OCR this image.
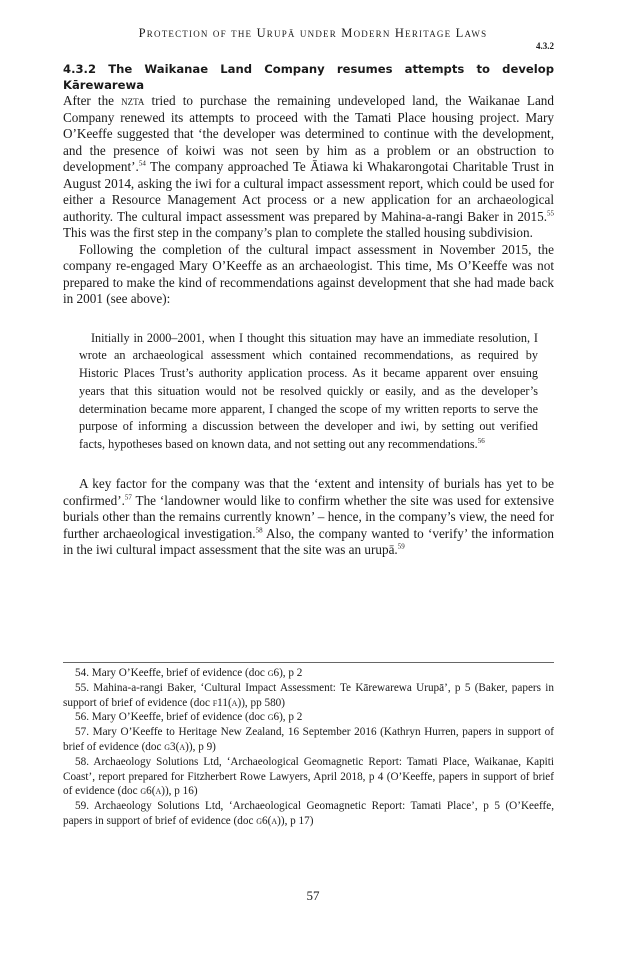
Protection of the Urupā under Modern Heritage Laws
4.3.2
4.3.2 The Waikanae Land Company resumes attempts to develop Kārewarewa

After the nzta tried to purchase the remaining undeveloped land, the Waikanae Land Company renewed its attempts to proceed with the Tamati Place housing project. Mary O’Keeffe suggested that ‘the developer was determined to continue with the development, and the presence of koiwi was not seen by him as a problem or an obstruction to development’.$^{54}$ The company approached Te Ātiawa ki Whakarongotai Charitable Trust in August 2014, asking the iwi for a cultural impact assessment report, which could be used for either a Resource Management Act process or a new application for an archaeological authority. The cultural impact assessment was prepared by Mahina-a-rangi Baker in 2015.55 This was the first step in the company’s plan to complete the stalled housing subdivision.

Following the completion of the cultural impact assessment in November 2015, the company re-engaged Mary O’Keeffe as an archaeologist. This time, Ms O’Keeffe was not prepared to make the kind of recommendations against development that she had made back in 2001 (see above):

Initially in 2000–2001, when I thought this situation may have an immediate resolution, I wrote an archaeological assessment which contained recommendations, as required by Historic Places Trust’s authority application process. As it became apparent over ensuing years that this situation would not be resolved quickly or easily, and as the developer’s determination became more apparent, I changed the scope of my written reports to serve the purpose of informing a discussion between the developer and iwi, by setting out verified facts, hypotheses based on known data, and not setting out any recommendations.$^{56}$

A key factor for the company was that the ‘extent and intensity of burials has yet to be confirmed’.$^{57}$ The ‘landowner would like to confirm whether the site was used for extensive burials other than the remains currently known’ – hence, in the company’s view, the need for further archaeological investigation.$^{58}$ Also, the company wanted to ‘verify’ the information in the iwi cultural impact assessment that the site was an urupā.$^{59}$

54. Mary O’Keeffe, brief of evidence (doc g6), p 2

55. Mahina-a-rangi Baker, ‘Cultural Impact Assessment: Te Kārewarewa Urupā’, p 5 (Baker, papers in support of brief of evidence (doc f11(a)), pp 580)

56. Mary O’Keeffe, brief of evidence (doc g6), p 2

57. Mary O’Keeffe to Heritage New Zealand, 16 September 2016 (Kathryn Hurren, papers in support of brief of evidence (doc g3(a)), p 9)

58. Archaeology Solutions Ltd, ‘Archaeological Geomagnetic Report: Tamati Place, Waikanae, Kapiti Coast’, report prepared for Fitzherbert Rowe Lawyers, April 2018, p 4 (O’Keeffe, papers in support of brief of evidence (doc g6(a)), p 16)

59. Archaeology Solutions Ltd, ‘Archaeological Geomagnetic Report: Tamati Place’, p 5 (O’Keeffe, papers in support of brief of evidence (doc g6(a)), p 17)

57
